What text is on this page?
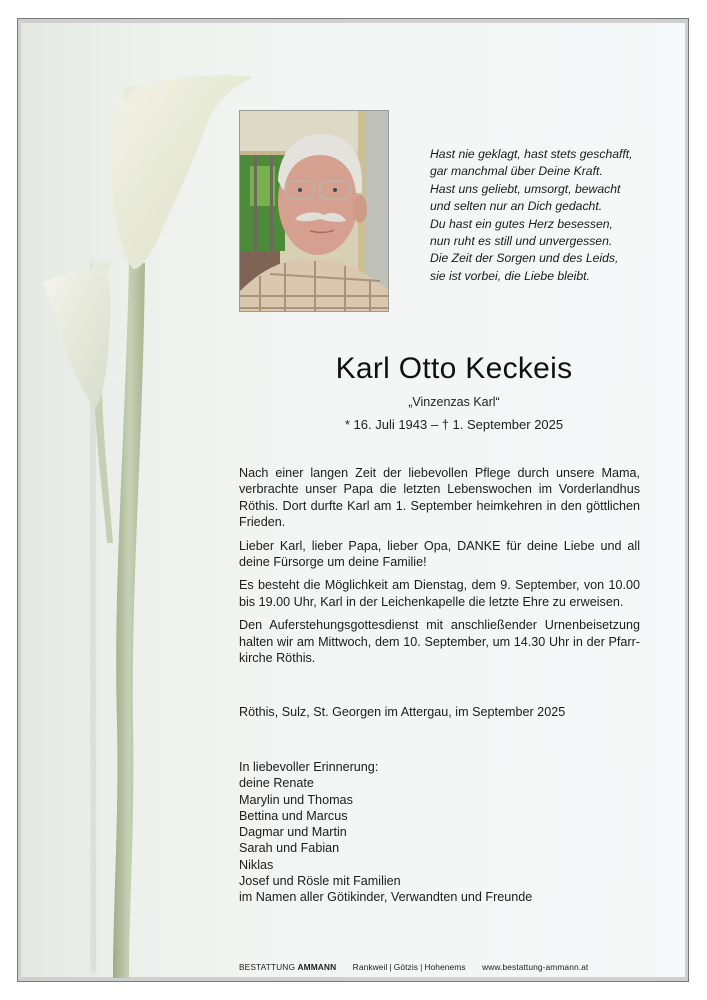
Hast nie geklagt, hast stets geschafft,
gar manchmal über Deine Kraft.
Hast uns geliebt, umsorgt, bewacht
und selten nur an Dich gedacht.
Du hast ein gutes Herz besessen,
nun ruht es still und unvergessen.
Die Zeit der Sorgen und des Leids,
sie ist vorbei, die Liebe bleibt.
Karl Otto Keckeis
„Vinzenzas Karl“
* 16. Juli 1943 – † 1. September 2025

Nach einer langen Zeit der liebevollen Pflege durch unsere Mama, verbrachte unser Papa die letzten Lebenswochen im Vorderlandhus Röthis. Dort durfte Karl am 1. September heimkehren in den göttlichen Frieden.

Lieber Karl, lieber Papa, lieber Opa, DANKE für deine Liebe und all deine Fürsorge um deine Familie!

Es besteht die Möglichkeit am Dienstag, dem 9. September, von 10.00 bis 19.00 Uhr, Karl in der Leichenkapelle die letzte Ehre zu erweisen.

Den Auferstehungsgottesdienst mit anschließender Urnenbeisetzung halten wir am Mittwoch, dem 10. September, um 14.30 Uhr in der Pfarr-kirche Röthis.

Röthis, Sulz, St. Georgen im Attergau, im September 2025
In liebevoller Erinnerung:
deine Renate
Marylin und Thomas
Bettina und Marcus
Dagmar und Martin
Sarah und Fabian
Niklas
Josef und Rösle mit Familien
im Namen aller Götikinder, Verwandten und Freunde
BESTATTUNG AMMANN Rankweil | Götzis | Hohenems www.bestattung-ammann.at
